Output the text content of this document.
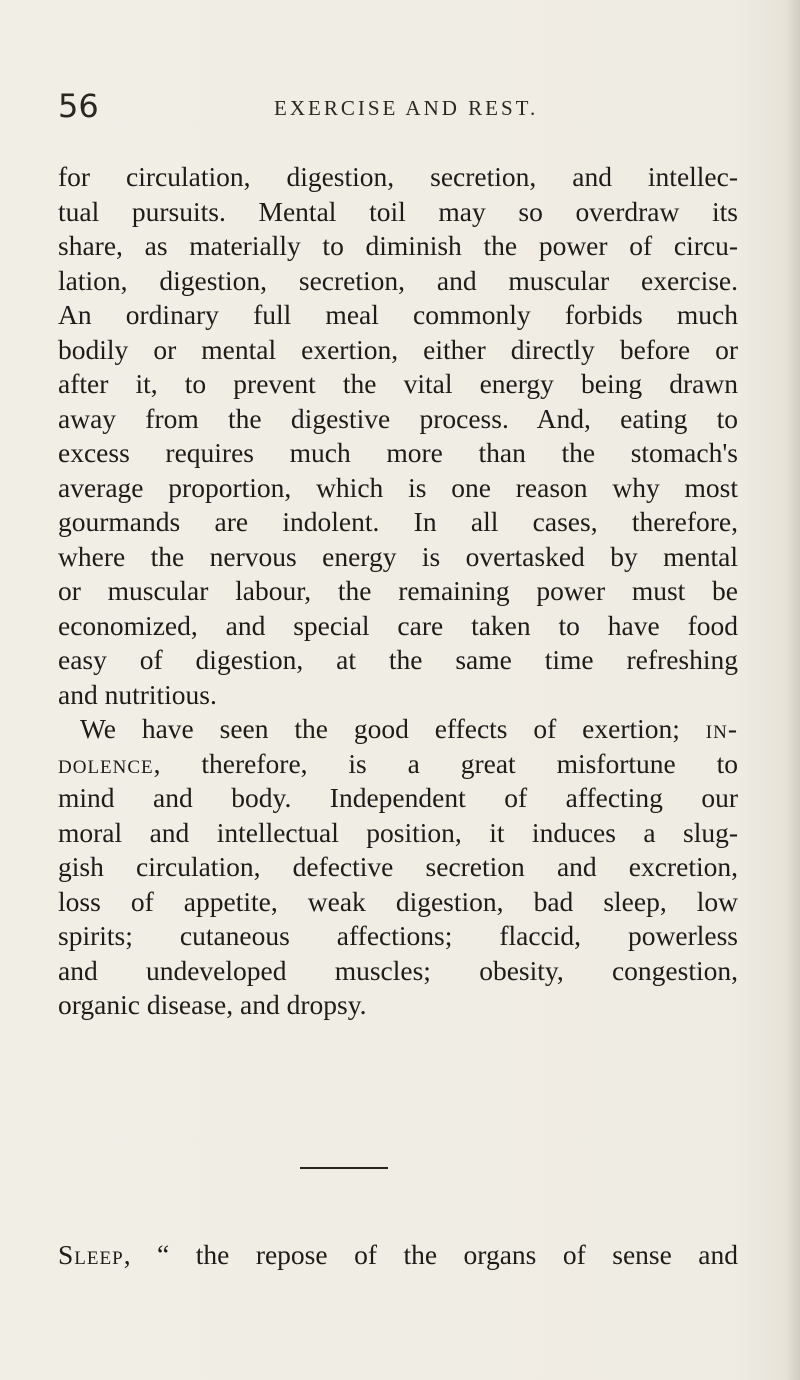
56	EXERCISE AND REST.
for circulation, digestion, secretion, and intellec-
tual pursuits. Mental toil may so overdraw its
share, as materially to diminish the power of circu-
lation, digestion, secretion, and muscular exercise.
An ordinary full meal commonly forbids much
bodily or mental exertion, either directly before or
after it, to prevent the vital energy being drawn
away from the digestive process. And, eating to
excess requires much more than the stomach's
average proportion, which is one reason why most
gourmands are indolent. In all cases, therefore,
where the nervous energy is overtasked by mental
or muscular labour, the remaining power must be
economized, and special care taken to have food
easy of digestion, at the same time refreshing
and nutritious.
We have seen the good effects of exertion; in-
dolence, therefore, is a great misfortune to
mind and body. Independent of affecting our
moral and intellectual position, it induces a slug-
gish circulation, defective secretion and excretion,
loss of appetite, weak digestion, bad sleep, low
spirits; cutaneous affections; flaccid, powerless
and undeveloped muscles; obesity, congestion,
organic disease, and dropsy.
Sleep, “ the repose of the organs of sense and
